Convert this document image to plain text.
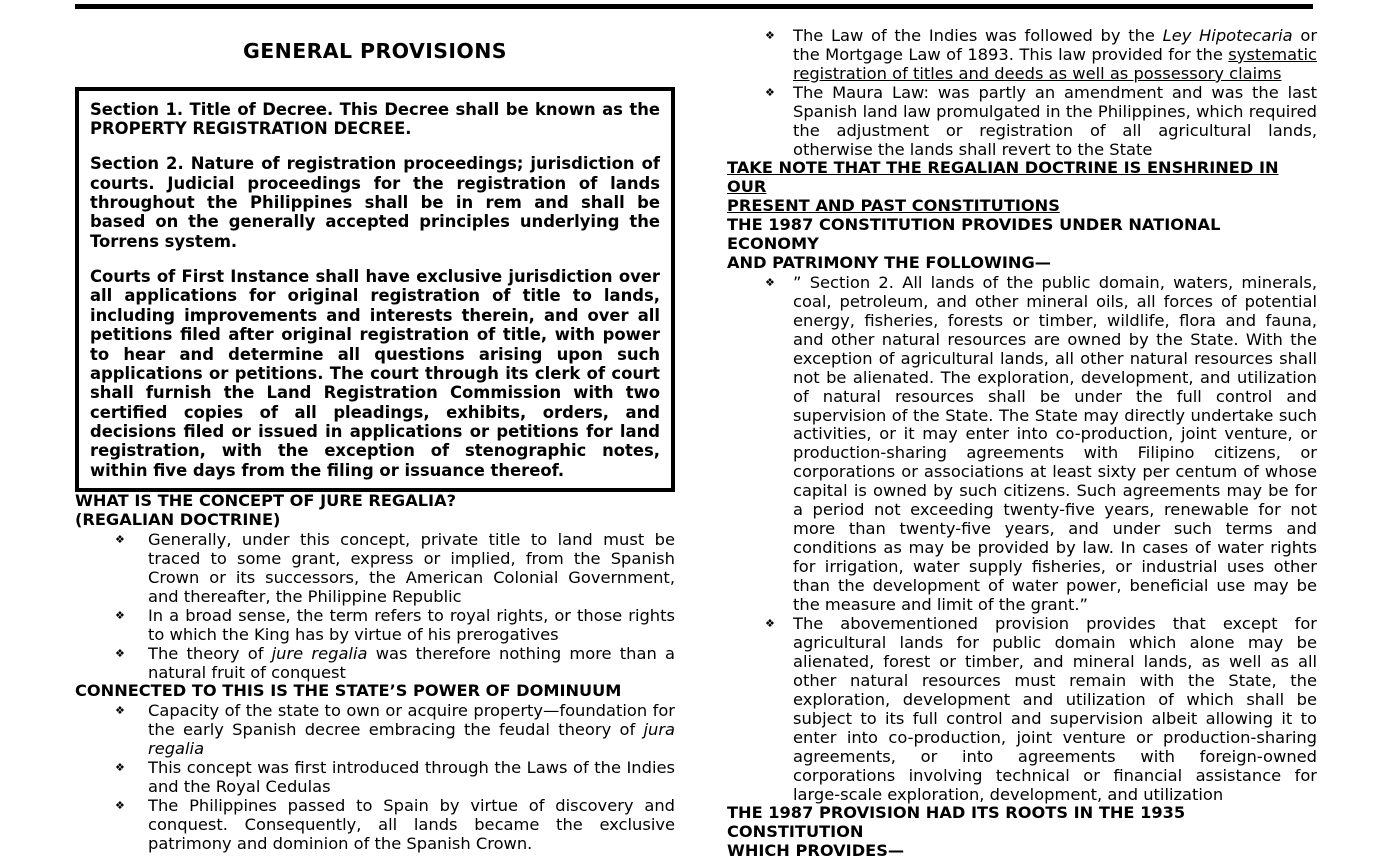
GENERAL PROVISIONS

Section 1. Title of Decree. This Decree shall be known as the PROPERTY REGISTRATION DECREE.

Section 2. Nature of registration proceedings; jurisdiction of courts. Judicial proceedings for the registration of lands throughout the Philippines shall be in rem and shall be based on the generally accepted principles underlying the Torrens system.

Courts of First Instance shall have exclusive jurisdiction over all applications for original registration of title to lands, including improvements and interests therein, and over all petitions filed after original registration of title, with power to hear and determine all questions arising upon such applications or petitions. The court through its clerk of court shall furnish the Land Registration Commission with two certified copies of all pleadings, exhibits, orders, and decisions filed or issued in applications or petitions for land registration, with the exception of stenographic notes, within five days from the filing or issuance thereof.

WHAT IS THE CONCEPT OF JURE REGALIA?
(REGALIAN DOCTRINE)
❖ Generally, under this concept, private title to land must be traced to some grant, express or implied, from the Spanish Crown or its successors, the American Colonial Government, and thereafter, the Philippine Republic
❖ In a broad sense, the term refers to royal rights, or those rights to which the King has by virtue of his prerogatives
❖ The theory of jure regalia was therefore nothing more than a natural fruit of conquest
CONNECTED TO THIS IS THE STATE’S POWER OF DOMINUUM
❖ Capacity of the state to own or acquire property—foundation for the early Spanish decree embracing the feudal theory of jura regalia
❖ This concept was first introduced through the Laws of the Indies and the Royal Cedulas
❖ The Philippines passed to Spain by virtue of discovery and conquest. Consequently, all lands became the exclusive patrimony and dominion of the Spanish Crown.
❖ The Law of the Indies was followed by the Ley Hipotecaria or the Mortgage Law of 1893. This law provided for the systematic registration of titles and deeds as well as possessory claims
❖ The Maura Law: was partly an amendment and was the last Spanish land law promulgated in the Philippines, which required the adjustment or registration of all agricultural lands, otherwise the lands shall revert to the State
TAKE NOTE THAT THE REGALIAN DOCTRINE IS ENSHRINED IN OUR
PRESENT AND PAST CONSTITUTIONS
THE 1987 CONSTITUTION PROVIDES UNDER NATIONAL ECONOMY
AND PATRIMONY THE FOLLOWING—
❖ ” Section 2. All lands of the public domain, waters, minerals, coal, petroleum, and other mineral oils, all forces of potential energy, fisheries, forests or timber, wildlife, flora and fauna, and other natural resources are owned by the State. With the exception of agricultural lands, all other natural resources shall not be alienated. The exploration, development, and utilization of natural resources shall be under the full control and supervision of the State. The State may directly undertake such activities, or it may enter into co-production, joint venture, or production-sharing agreements with Filipino citizens, or corporations or associations at least sixty per centum of whose capital is owned by such citizens. Such agreements may be for a period not exceeding twenty-five years, renewable for not more than twenty-five years, and under such terms and conditions as may be provided by law. In cases of water rights for irrigation, water supply fisheries, or industrial uses other than the development of water power, beneficial use may be the measure and limit of the grant.”
❖ The abovementioned provision provides that except for agricultural lands for public domain which alone may be alienated, forest or timber, and mineral lands, as well as all other natural resources must remain with the State, the exploration, development and utilization of which shall be subject to its full control and supervision albeit allowing it to enter into co-production, joint venture or production-sharing agreements, or into agreements with foreign-owned corporations involving technical or financial assistance for large-scale exploration, development, and utilization
THE 1987 PROVISION HAD ITS ROOTS IN THE 1935 CONSTITUTION
WHICH PROVIDES—
